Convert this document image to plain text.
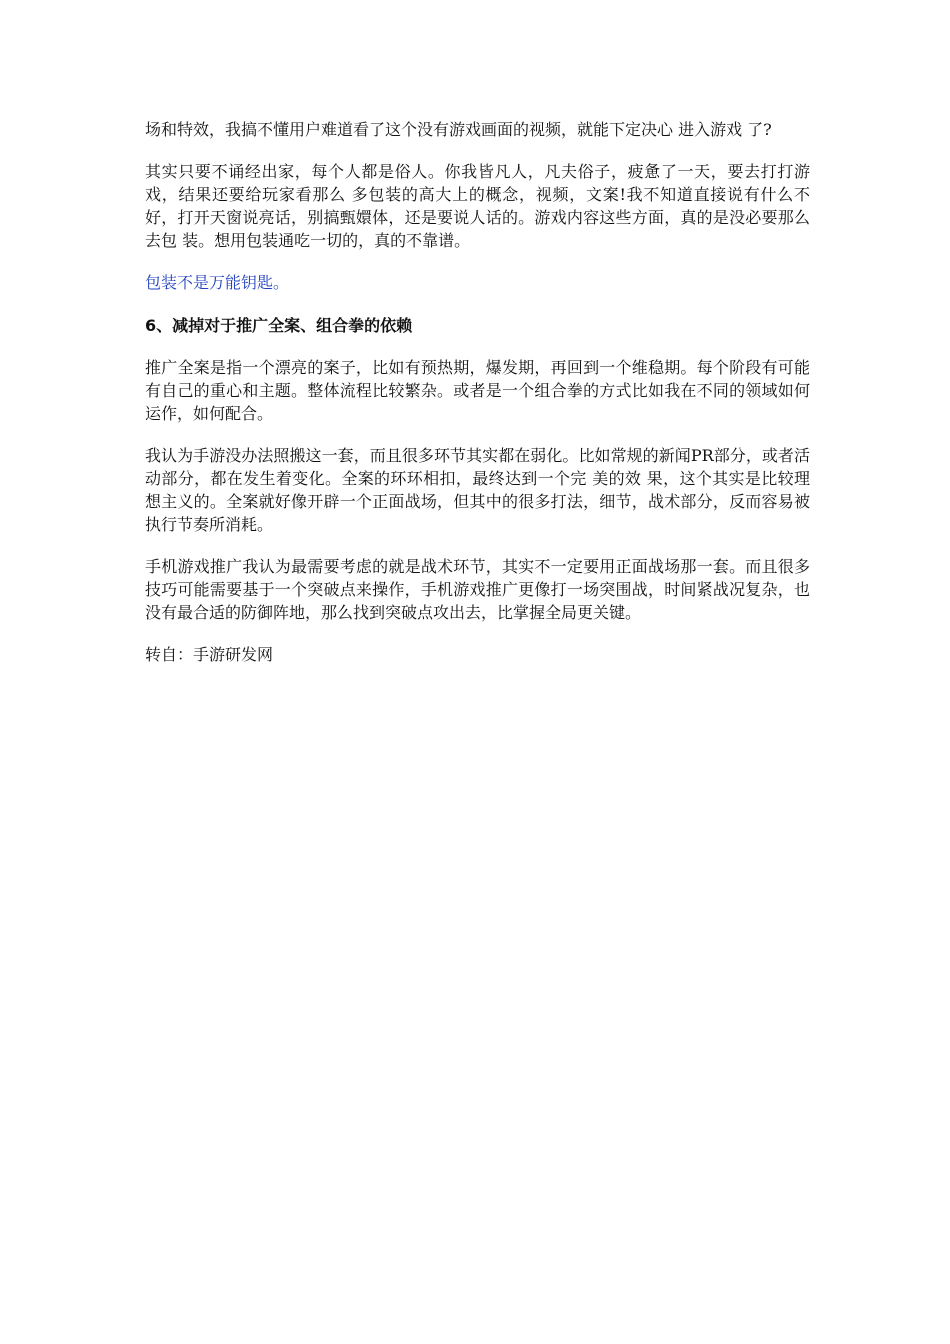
场和特效，我搞不懂用户难道看了这个没有游戏画面的视频，就能下定决心 进入游戏 了?

其实只要不诵经出家，每个人都是俗人。你我皆凡人，凡夫俗子，疲惫了一天，要去打打游戏，结果还要给玩家看那么 多包装的高大上的概念，视频，文案!我不知道直接说有什么不好，打开天窗说亮话，别搞甄嬛体，还是要说人话的。游戏内容这些方面，真的是没必要那么去包 装。想用包装通吃一切的，真的不靠谱。

包装不是万能钥匙。

6、减掉对于推广全案、组合拳的依赖

推广全案是指一个漂亮的案子，比如有预热期，爆发期，再回到一个维稳期。每个阶段有可能有自己的重心和主题。整体流程比较繁杂。或者是一个组合拳的方式比如我在不同的领域如何运作，如何配合。

我认为手游没办法照搬这一套，而且很多环节其实都在弱化。比如常规的新闻PR部分，或者活动部分，都在发生着变化。全案的环环相扣，最终达到一个完 美的效 果，这个其实是比较理想主义的。全案就好像开辟一个正面战场，但其中的很多打法，细节，战术部分，反而容易被执行节奏所消耗。

手机游戏推广我认为最需要考虑的就是战术环节，其实不一定要用正面战场那一套。而且很多技巧可能需要基于一个突破点来操作，手机游戏推广更像打一场突围战，时间紧战况复杂，也没有最合适的防御阵地，那么找到突破点攻出去，比掌握全局更关键。

转自：手游研发网
